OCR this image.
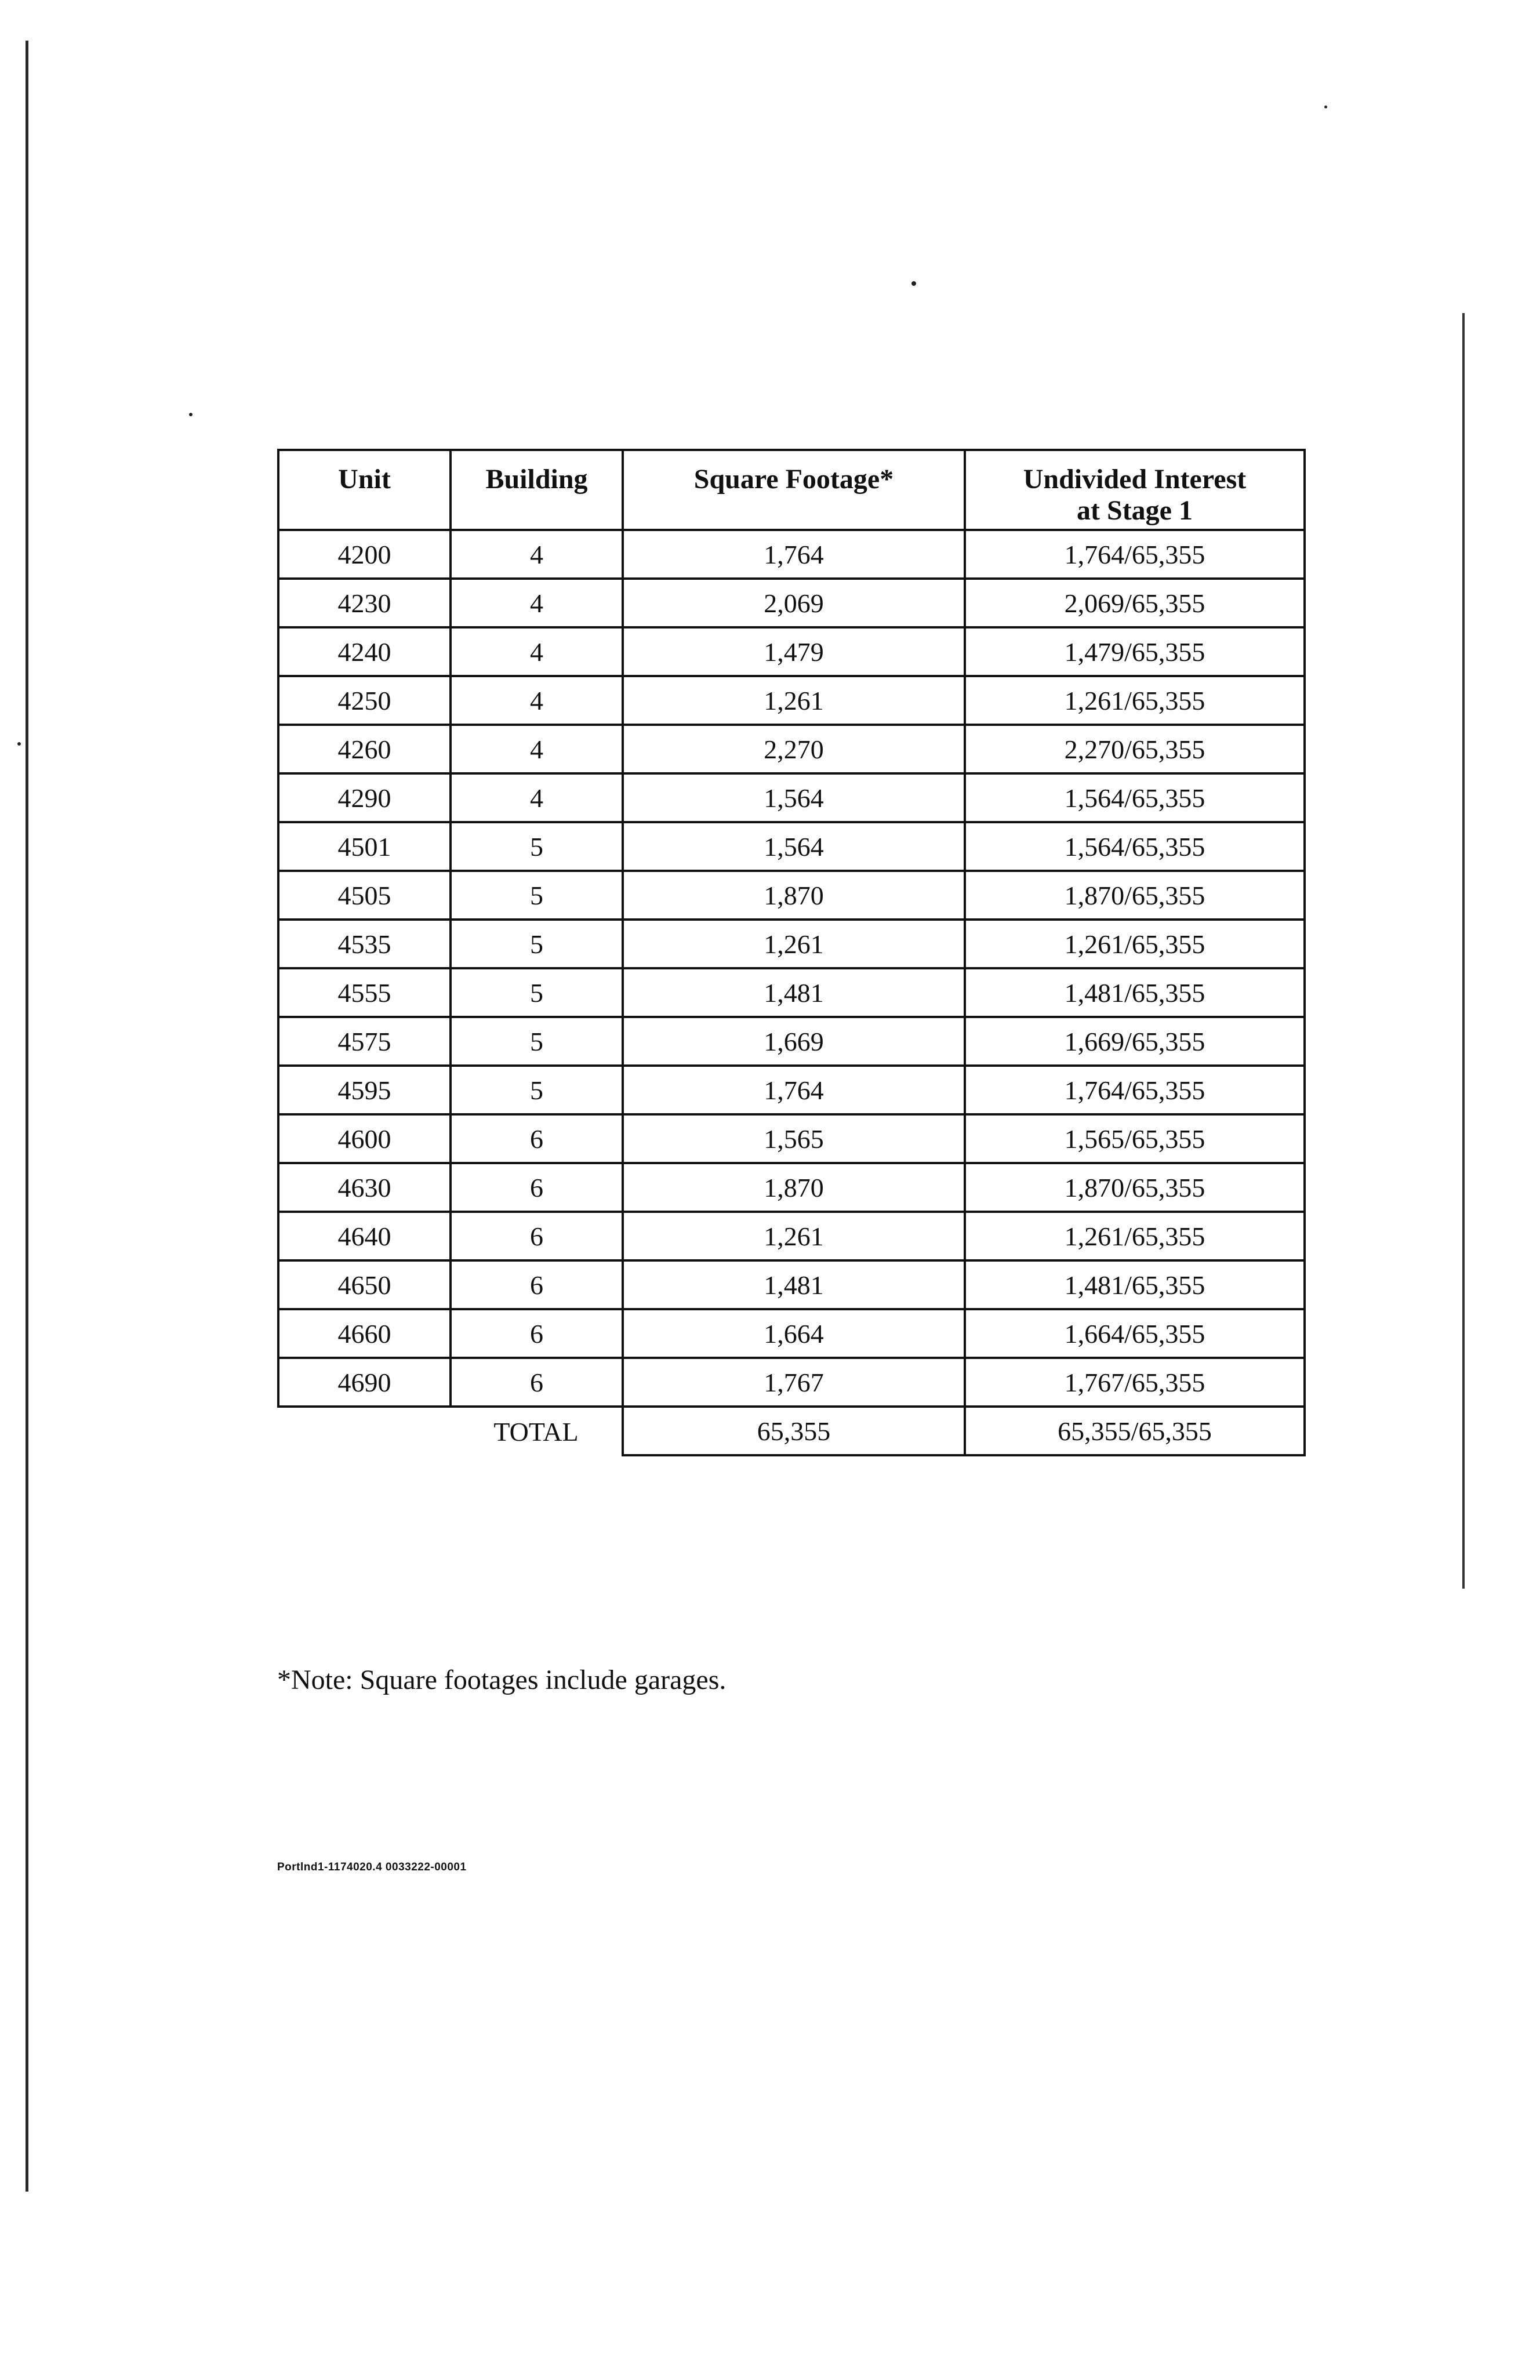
Unit	Building	Square Footage*	Undivided Interest
at Stage 1
4200	4	1,764	1,764/65,355
4230	4	2,069	2,069/65,355
4240	4	1,479	1,479/65,355
4250	4	1,261	1,261/65,355
4260	4	2,270	2,270/65,355
4290	4	1,564	1,564/65,355
4501	5	1,564	1,564/65,355
4505	5	1,870	1,870/65,355
4535	5	1,261	1,261/65,355
4555	5	1,481	1,481/65,355
4575	5	1,669	1,669/65,355
4595	5	1,764	1,764/65,355
4600	6	1,565	1,565/65,355
4630	6	1,870	1,870/65,355
4640	6	1,261	1,261/65,355
4650	6	1,481	1,481/65,355
4660	6	1,664	1,664/65,355
4690	6	1,767	1,767/65,355
	TOTAL	65,355	65,355/65,355
*Note: Square footages include garages.
Portlnd1-1174020.4 0033222-00001
